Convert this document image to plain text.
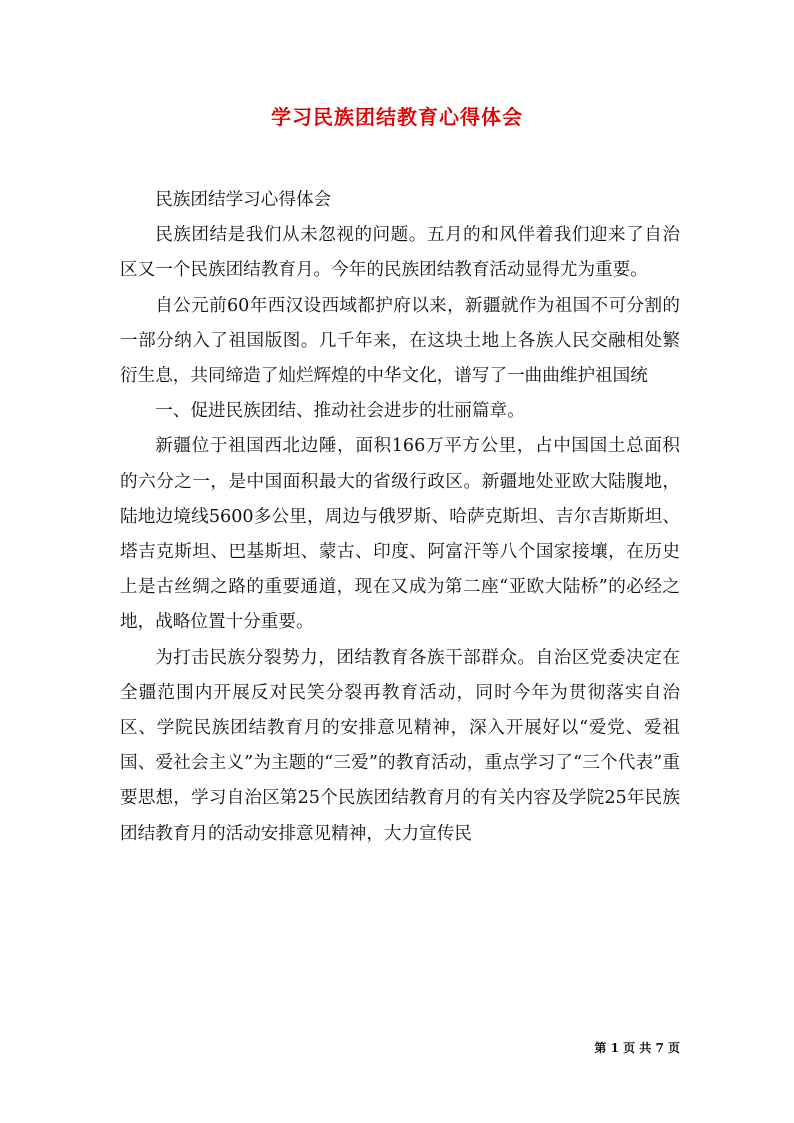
学习民族团结教育心得体会

民族团结学习心得体会

民族团结是我们从未忽视的问题。五月的和风伴着我们迎来了自治区又一个民族团结教育月。今年的民族团结教育活动显得尤为重要。

自公元前60年西汉设西域都护府以来，新疆就作为祖国不可分割的一部分纳入了祖国版图。几千年来，在这块土地上各族人民交融相处繁衍生息，共同缔造了灿烂辉煌的中华文化，谱写了一曲曲维护祖国统

一、促进民族团结、推动社会进步的壮丽篇章。

新疆位于祖国西北边陲，面积166万平方公里，占中国国土总面积的六分之一，是中国面积最大的省级行政区。新疆地处亚欧大陆腹地，陆地边境线5600多公里，周边与俄罗斯、哈萨克斯坦、吉尔吉斯斯坦、塔吉克斯坦、巴基斯坦、蒙古、印度、阿富汗等八个国家接壤，在历史上是古丝绸之路的重要通道，现在又成为第二座“亚欧大陆桥”的必经之地，战略位置十分重要。

为打击民族分裂势力，团结教育各族干部群众。自治区党委决定在全疆范围内开展反对民笑分裂再教育活动，同时今年为贯彻落实自治区、学院民族团结教育月的安排意见精神，深入开展好以“爱党、爱祖国、爱社会主义”为主题的“三爱”的教育活动，重点学习了“三个代表”重要思想，学习自治区第25个民族团结教育月的有关内容及学院25年民族团结教育月的活动安排意见精神，大力宣传民

第 1 页 共 7 页
